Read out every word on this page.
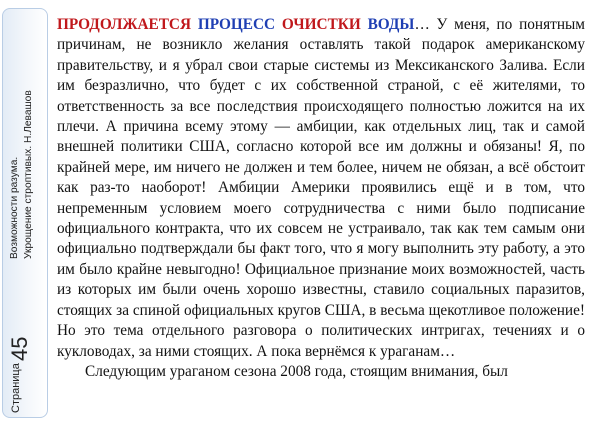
Возможности разума. Укрощение строптивых. Н.Левашов
45
Страница

ПРОДОЛЖАЕТСЯ ПРОЦЕСС ОЧИСТКИ ВОДЫ… У меня, по понятным причинам, не возникло желания оставлять такой подарок американскому правительству, и я убрал свои старые системы из Мексиканского Залива. Если им безразлично, что будет с их собственной страной, с её жителями, то ответственность за все последствия происходящего полностью ложится на их плечи. А причина всему этому — амбиции, как отдельных лиц, так и самой внешней политики США, согласно которой все им должны и обязаны! Я, по крайней мере, им ничего не должен и тем более, ничем не обязан, а всё обстоит как раз-то наоборот! Амбиции Америки проявились ещё и в том, что непременным условием моего сотрудничества с ними было подписание официального контракта, что их совсем не устраивало, так как тем самым они официально подтверждали бы факт того, что я могу выполнить эту работу, а это им было крайне невыгодно! Официальное признание моих возможностей, часть из которых им были очень хорошо известны, ставило социальных паразитов, стоящих за спиной официальных кругов США, в весьма щекотливое положение! Но это тема отдельного разговора о политических интригах, течениях и о кукловодах, за ними стоящих. А пока вернёмся к ураганам…

Следующим ураганом сезона 2008 года, стоящим внимания, был
